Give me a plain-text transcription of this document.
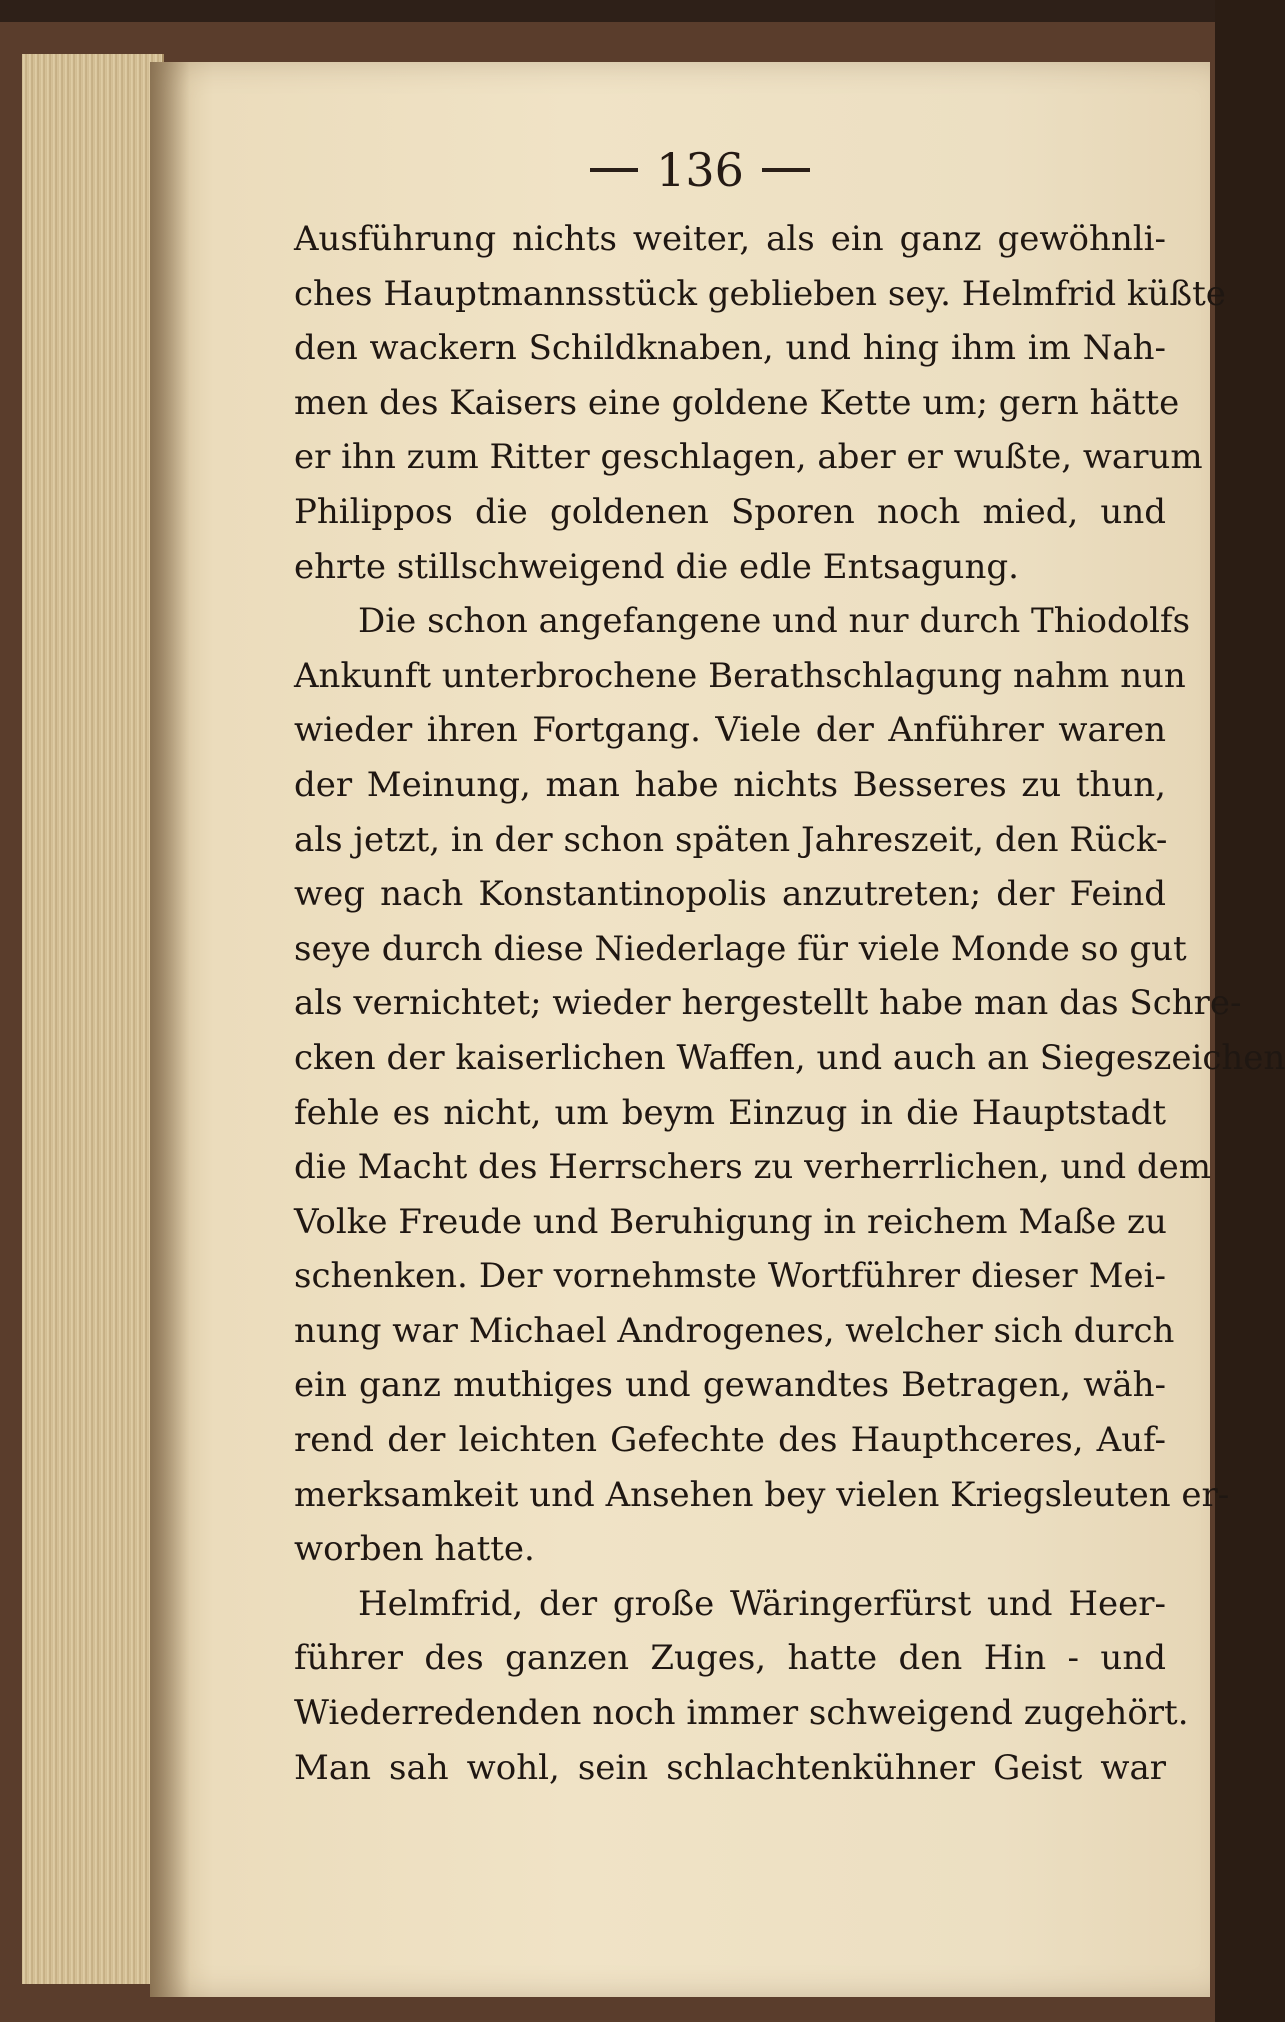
136
Ausführung nichts weiter, als ein ganz gewöhnli-
ches Hauptmannsstück geblieben sey. Helmfrid küßte
den wackern Schildknaben, und hing ihm im Nah-
men des Kaisers eine goldene Kette um; gern hätte
er ihn zum Ritter geschlagen, aber er wußte, warum
Philippos die goldenen Sporen noch mied, und
ehrte stillschweigend die edle Entsagung.
Die schon angefangene und nur durch Thiodolfs
Ankunft unterbrochene Berathschlagung nahm nun
wieder ihren Fortgang. Viele der Anführer waren
der Meinung, man habe nichts Besseres zu thun,
als jetzt, in der schon späten Jahreszeit, den Rück-
weg nach Konstantinopolis anzutreten; der Feind
seye durch diese Niederlage für viele Monde so gut
als vernichtet; wieder hergestellt habe man das Schre-
cken der kaiserlichen Waffen, und auch an Siegeszeichen
fehle es nicht, um beym Einzug in die Hauptstadt
die Macht des Herrschers zu verherrlichen, und dem
Volke Freude und Beruhigung in reichem Maße zu
schenken. Der vornehmste Wortführer dieser Mei-
nung war Michael Androgenes, welcher sich durch
ein ganz muthiges und gewandtes Betragen, wäh-
rend der leichten Gefechte des Haupthceres, Auf-
merksamkeit und Ansehen bey vielen Kriegsleuten er-
worben hatte.
Helmfrid, der große Wäringerfürst und Heer-
führer des ganzen Zuges, hatte den Hin - und
Wiederredenden noch immer schweigend zugehört.
Man sah wohl, sein schlachtenkühner Geist war
